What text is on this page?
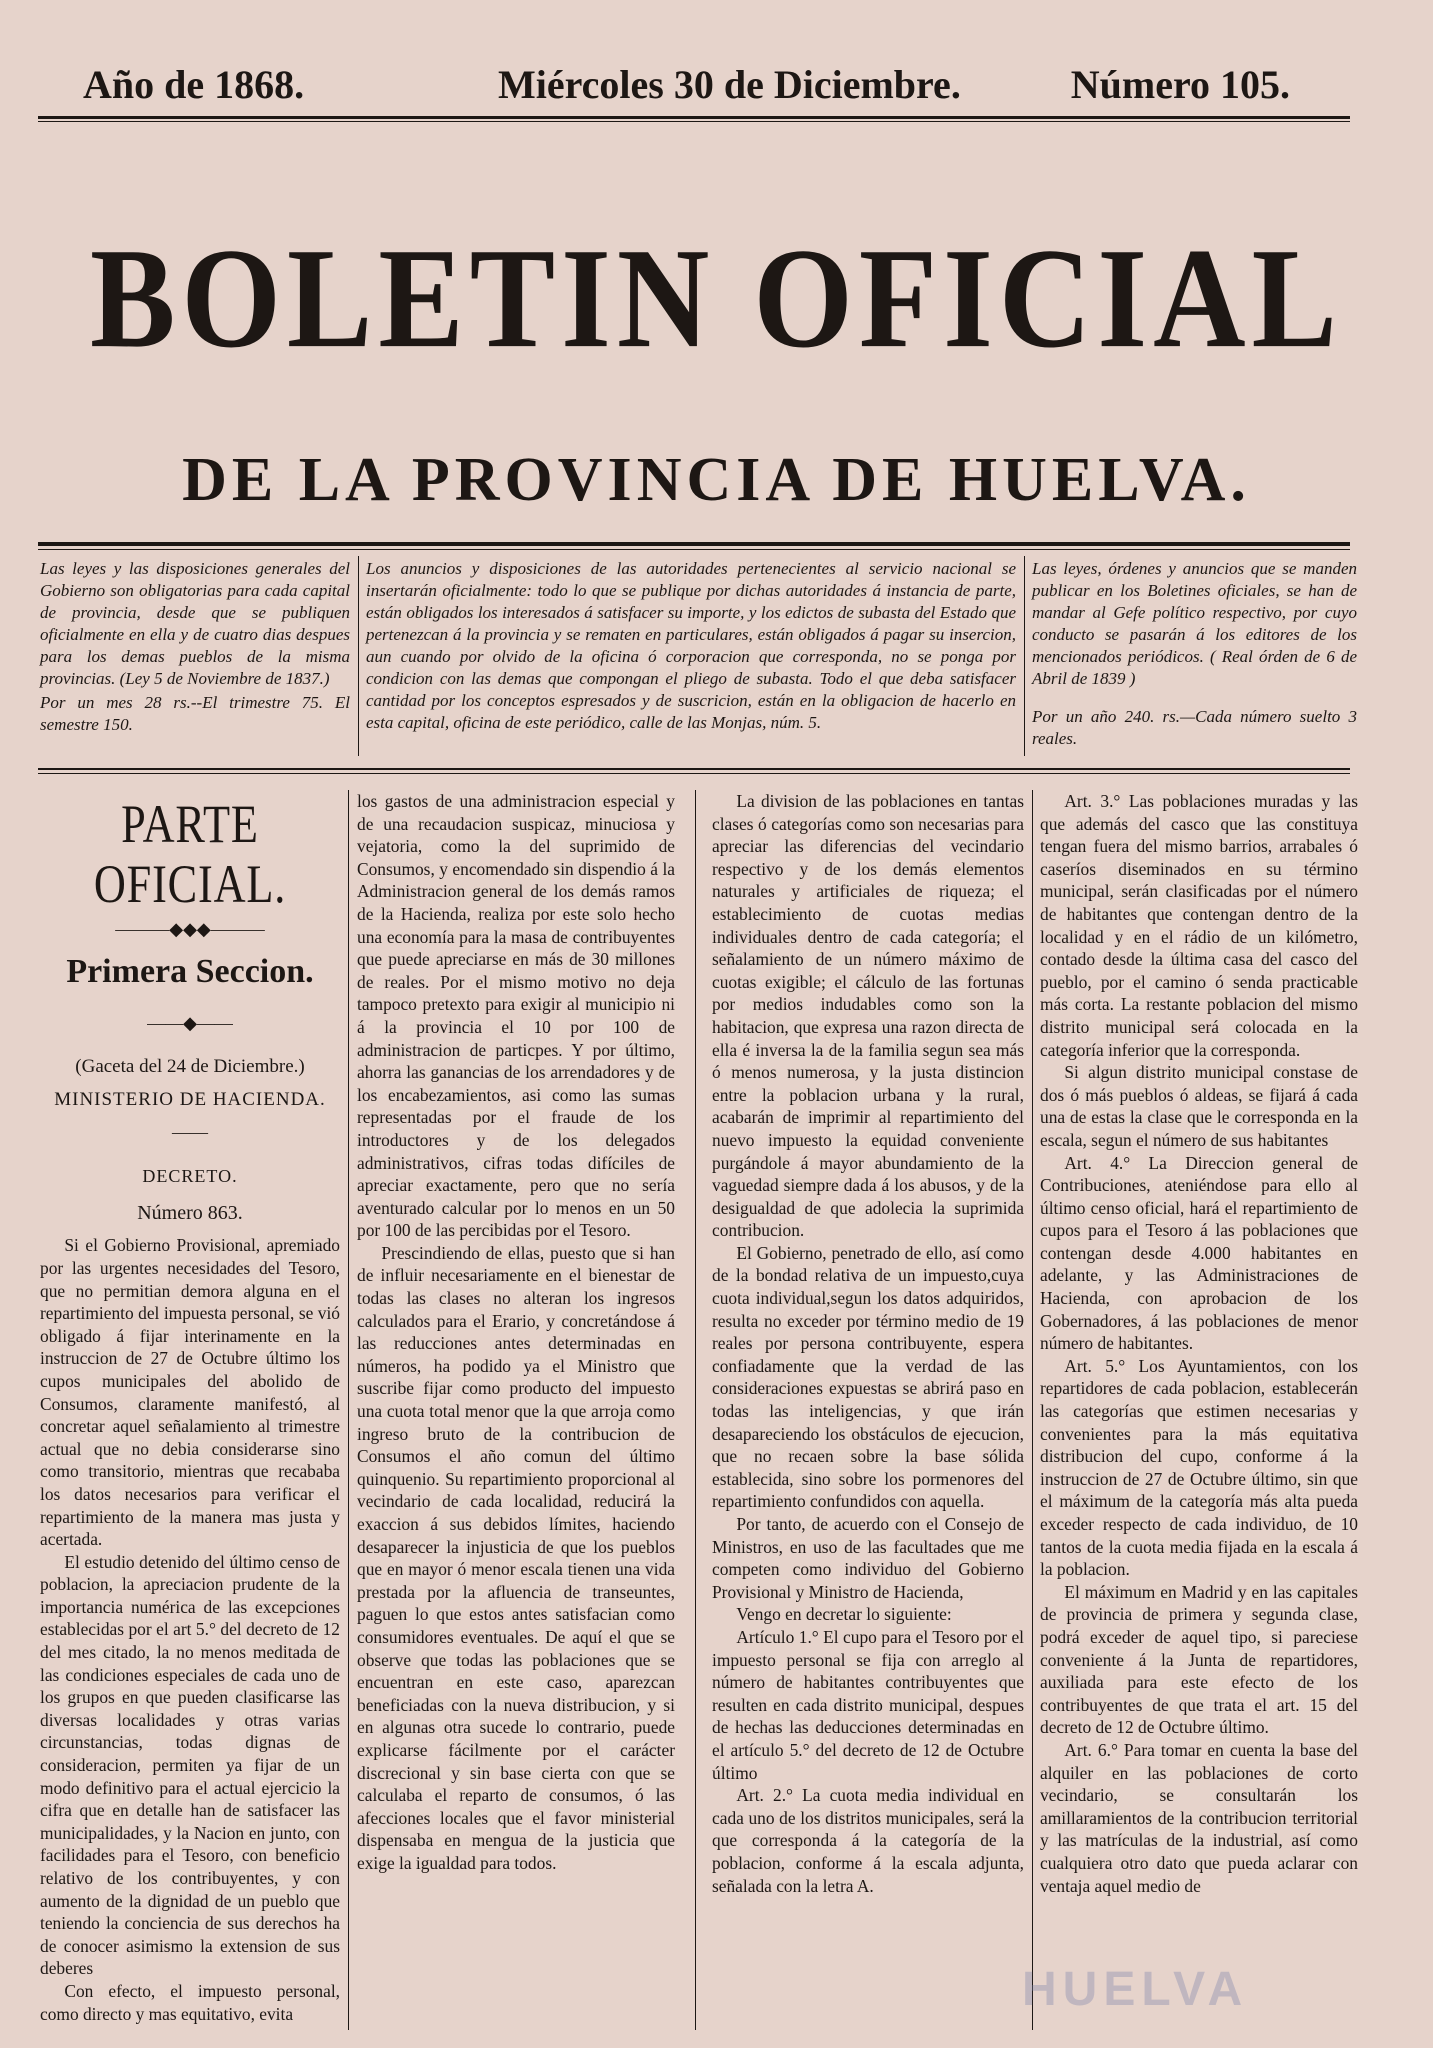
Año de 1868.	Miércoles 30 de Diciembre.	Número 105.
BOLETIN OFICIAL
DE LA PROVINCIA DE HUELVA.
Las leyes y las disposiciones generales del Gobierno son obligatorias para cada capital de provincia, desde que se publiquen oficialmente en ella y de cuatro dias despues para los demas pueblos de la misma provincias. (Ley 5 de Noviembre de 1837.)
Por un mes 28 rs.--El trimestre 75. El semestre 150.
Los anuncios y disposiciones de las autoridades pertenecientes al servicio nacional se insertarán oficialmente: todo lo que se publique por dichas autoridades á instancia de parte, están obligados los interesados á satisfacer su importe, y los edictos de subasta del Estado que pertenezcan á la provincia y se rematen en particulares, están obligados á pagar su insercion, aun cuando por olvido de la oficina ó corporacion que corresponda, no se ponga por condicion con las demas que compongan el pliego de subasta. Todo el que deba satisfacer cantidad por los conceptos espresados y de suscricion, están en la obligacion de hacerlo en esta capital, oficina de este periódico, calle de las Monjas, núm. 5.
Las leyes, órdenes y anuncios que se manden publicar en los Boletines oficiales, se han de mandar al Gefe político respectivo, por cuyo conducto se pasarán á los editores de los mencionados periódicos. ( Real órden de 6 de Abril de 1839 )
Por un año 240. rs.—Cada número suelto 3 reales.
PARTE OFICIAL.
———◆◆◆———
Primera Seccion.
——◆——
(Gaceta del 24 de Diciembre.)
MINISTERIO DE HACIENDA.
——
DECRETO.
Número 863.

Si el Gobierno Provisional, apremiado por las urgentes necesidades del Tesoro, que no permitian demora alguna en el repartimiento del impuesta personal, se vió obligado á fijar interinamente en la instruccion de 27 de Octubre último los cupos municipales del abolido de Consumos, claramente manifestó, al concretar aquel señalamiento al trimestre actual que no debia considerarse sino como transitorio, mientras que recababa los datos necesarios para verificar el repartimiento de la manera mas justa y acertada.

El estudio detenido del último censo de poblacion, la apreciacion prudente de la importancia numérica de las excepciones establecidas por el art 5.° del decreto de 12 del mes citado, la no menos meditada de las condiciones especiales de cada uno de los grupos en que pueden clasificarse las diversas localidades y otras varias circunstancias, todas dignas de consideracion, permiten ya fijar de un modo definitivo para el actual ejercicio la cifra que en detalle han de satisfacer las municipalidades, y la Nacion en junto, con facilidades para el Tesoro, con beneficio relativo de los contribuyentes, y con aumento de la dignidad de un pueblo que teniendo la conciencia de sus derechos ha de conocer asimismo la extension de sus deberes

Con efecto, el impuesto personal, como directo y mas equitativo, evita

los gastos de una administracion especial y de una recaudacion suspicaz, minuciosa y vejatoria, como la del suprimido de Consumos, y encomendado sin dispendio á la Administracion general de los demás ramos de la Hacienda, realiza por este solo hecho una economía para la masa de contribuyentes que puede apreciarse en más de 30 millones de reales. Por el mismo motivo no deja tampoco pretexto para exigir al municipio ni á la provincia el 10 por 100 de administracion de particpes. Y por último, ahorra las ganancias de los arrendadores y de los encabezamientos, asi como las sumas representadas por el fraude de los introductores y de los delegados administrativos, cifras todas difíciles de apreciar exactamente, pero que no sería aventurado calcular por lo menos en un 50 por 100 de las percibidas por el Tesoro.

Prescindiendo de ellas, puesto que si han de influir necesariamente en el bienestar de todas las clases no alteran los ingresos calculados para el Erario, y concretándose á las reducciones antes determinadas en números, ha podido ya el Ministro que suscribe fijar como producto del impuesto una cuota total menor que la que arroja como ingreso bruto de la contribucion de Consumos el año comun del último quinquenio. Su repartimiento proporcional al vecindario de cada localidad, reducirá la exaccion á sus debidos límites, haciendo desaparecer la injusticia de que los pueblos que en mayor ó menor escala tienen una vida prestada por la afluencia de transeuntes, paguen lo que estos antes satisfacian como consumidores eventuales. De aquí el que se observe que todas las poblaciones que se encuentran en este caso, aparezcan beneficiadas con la nueva distribucion, y si en algunas otra sucede lo contrario, puede explicarse fácilmente por el carácter discrecional y sin base cierta con que se calculaba el reparto de consumos, ó las afecciones locales que el favor ministerial dispensaba en mengua de la justicia que exige la igualdad para todos.

La division de las poblaciones en tantas clases ó categorías como son necesarias para apreciar las diferencias del vecindario respectivo y de los demás elementos naturales y artificiales de riqueza; el establecimiento de cuotas medias individuales dentro de cada categoría; el señalamiento de un número máximo de cuotas exigible; el cálculo de las fortunas por medios indudables como son la habitacion, que expresa una razon directa de ella é inversa la de la familia segun sea más ó menos numerosa, y la justa distincion entre la poblacion urbana y la rural, acabarán de imprimir al repartimiento del nuevo impuesto la equidad conveniente purgándole á mayor abundamiento de la vaguedad siempre dada á los abusos, y de la desigualdad de que adolecia la suprimida contribucion.

El Gobierno, penetrado de ello, así como de la bondad relativa de un impuesto,cuya cuota individual,segun los datos adquiridos, resulta no exceder por término medio de 19 reales por persona contribuyente, espera confiadamente que la verdad de las consideraciones expuestas se abrirá paso en todas las inteligencias, y que irán desapareciendo los obstáculos de ejecucion, que no recaen sobre la base sólida establecida, sino sobre los pormenores del repartimiento confundidos con aquella.

Por tanto, de acuerdo con el Consejo de Ministros, en uso de las facultades que me competen como individuo del Gobierno Provisional y Ministro de Hacienda,

Vengo en decretar lo siguiente:

Artículo 1.° El cupo para el Tesoro por el impuesto personal se fija con arreglo al número de habitantes contribuyentes que resulten en cada distrito municipal, despues de hechas las deducciones determinadas en el artículo 5.° del decreto de 12 de Octubre último

Art. 2.° La cuota media individual en cada uno de los distritos municipales, será la que corresponda á la categoría de la poblacion, conforme á la escala adjunta, señalada con la letra A.

Art. 3.° Las poblaciones muradas y las que además del casco que las constituya tengan fuera del mismo barrios, arrabales ó caseríos diseminados en su término municipal, serán clasificadas por el número de habitantes que contengan dentro de la localidad y en el rádio de un kilómetro, contado desde la última casa del casco del pueblo, por el camino ó senda practicable más corta. La restante poblacion del mismo distrito municipal será colocada en la categoría inferior que la corresponda.

Si algun distrito municipal constase de dos ó más pueblos ó aldeas, se fijará á cada una de estas la clase que le corresponda en la escala, segun el número de sus habitantes

Art. 4.° La Direccion general de Contribuciones, ateniéndose para ello al último censo oficial, hará el repartimiento de cupos para el Tesoro á las poblaciones que contengan desde 4.000 habitantes en adelante, y las Administraciones de Hacienda, con aprobacion de los Gobernadores, á las poblaciones de menor número de habitantes.

Art. 5.° Los Ayuntamientos, con los repartidores de cada poblacion, establecerán las categorías que estimen necesarias y convenientes para la más equitativa distribucion del cupo, conforme á la instruccion de 27 de Octubre último, sin que el máximum de la categoría más alta pueda exceder respecto de cada individuo, de 10 tantos de la cuota media fijada en la escala á la poblacion.

El máximum en Madrid y en las capitales de provincia de primera y segunda clase, podrá exceder de aquel tipo, si pareciese conveniente á la Junta de repartidores, auxiliada para este efecto de los contribuyentes de que trata el art. 15 del decreto de 12 de Octubre último.

Art. 6.° Para tomar en cuenta la base del alquiler en las poblaciones de corto vecindario, se consultarán los amillaramientos de la contribucion territorial y las matrículas de la industrial, así como cualquiera otro dato que pueda aclarar con ventaja aquel medio de

HUELVA
